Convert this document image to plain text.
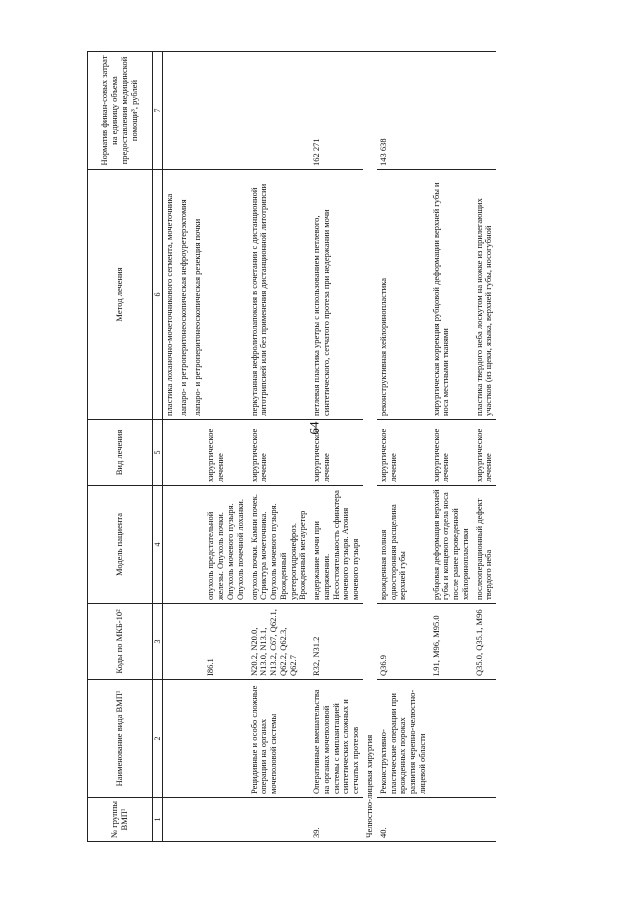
64
№ группы ВМП¹	Наименование вида ВМП¹	Коды по МКБ-10²	Модель пациента	Вид лечения	Метод лечения	Норматив финан-совых затрат на единицу объема предоставления медицинской помощи³, рублей
1	2	3	4	5	6	7
					пластика лоханочно-мочеточникового сегмента, мочеточника	
					лапаро- и ретроперитонеоскопическая нефроуретерэктомия	
					лапаро- и ретроперитонеоскопическая резекция почки	
		I86.1	опухоль предстательной железы. Опухоль почки. Опухоль мочевого пузыря. Опухоль почечной лоханки.	хирургическое лечение		
	Рецидивные и особо сложные операции на органах мочеполовой системы	N20.2, N20.0, N13.0, N13.1, N13.2, C67, Q62.1, Q62.2, Q62.3, Q62.7	опухоль почки. Камни почек. Стриктура мочеточника. Опухоль мочевого пузыря. Врожденный уретерогидронефроз. Врожденный мегауретер	хирургическое лечение	перкутанная нефролитолапоксия в сочетании с дистанционной литотрипсией или без применения дистанционной литотрипсии	
39.	Оперативные вмешательства на органах мочеполовой системы с имплантацией синтетических сложных и сетчатых протезов	R32, N31.2	недержание мочи при напряжении. Несостоятельность сфинктера мочевого пузыря. Атония мочевого пузыря	хирургическое лечение	петлевая пластика уретры с использованием петлевого, синтетического, сетчатого протеза при недержании мочи	162 271
Челюстно-лицевая хирургия						
40.	Реконструктивно-пластические операции при врожденных пороках развития черепно-челюстно-лицевой области	Q36.9	врожденная полная односторонняя расщелина верхней губы	хирургическое лечение	реконструктивная хейлоринопластика	143 638
		L91, M96, M95.0	рубцовая деформация верхней губы и концевого отдела носа после ранее проведенной хейлоринопластики	хирургическое лечение	хирургическая коррекция рубцовой деформации верхней губы и носа местными тканями	
		Q35.0, Q35.1, M96	послеоперационный дефект твердого неба	хирургическое лечение	пластика твердого неба лоскутом на ножке из прилегающих участков (из щеки, языка, верхней губы, носогубной	
